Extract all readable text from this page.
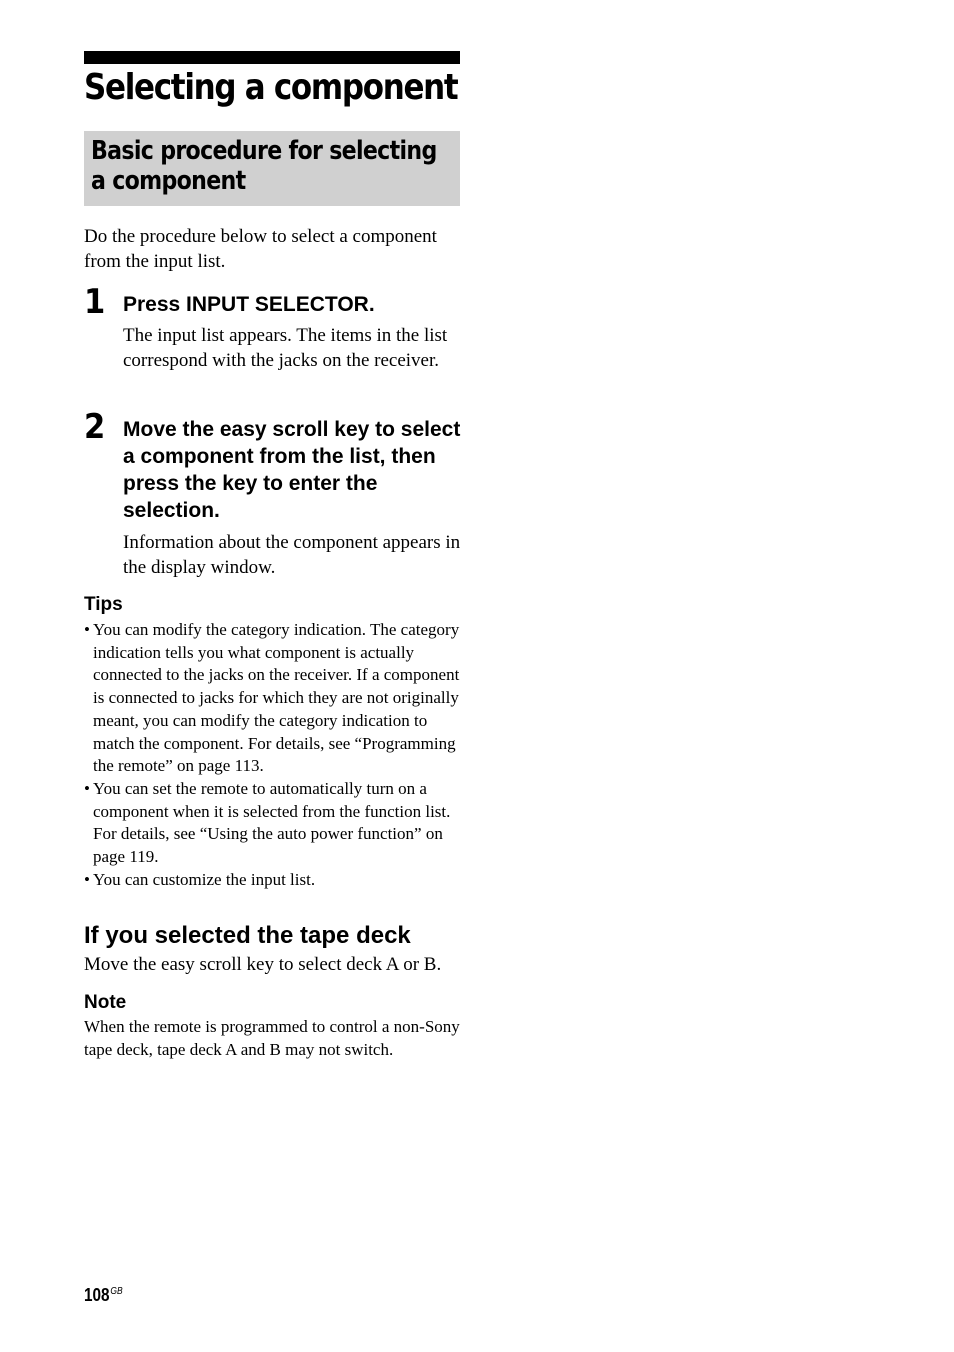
Selecting a component
Basic procedure for selecting a component
Do the procedure below to select a component from the input list.
1 Press INPUT SELECTOR.
The input list appears. The items in the list correspond with the jacks on the receiver.
2 Move the easy scroll key to select a component from the list, then press the key to enter the selection.
Information about the component appears in the display window.
Tips
• You can modify the category indication. The category indication tells you what component is actually connected to the jacks on the receiver. If a component is connected to jacks for which they are not originally meant, you can modify the category indication to match the component. For details, see “Programming the remote” on page 113.
• You can set the remote to automatically turn on a component when it is selected from the function list. For details, see “Using the auto power function” on page 119.
• You can customize the input list.
If you selected the tape deck
Move the easy scroll key to select deck A or B.
Note
When the remote is programmed to control a non-Sony tape deck, tape deck A and B may not switch.
$108^{GB}$
